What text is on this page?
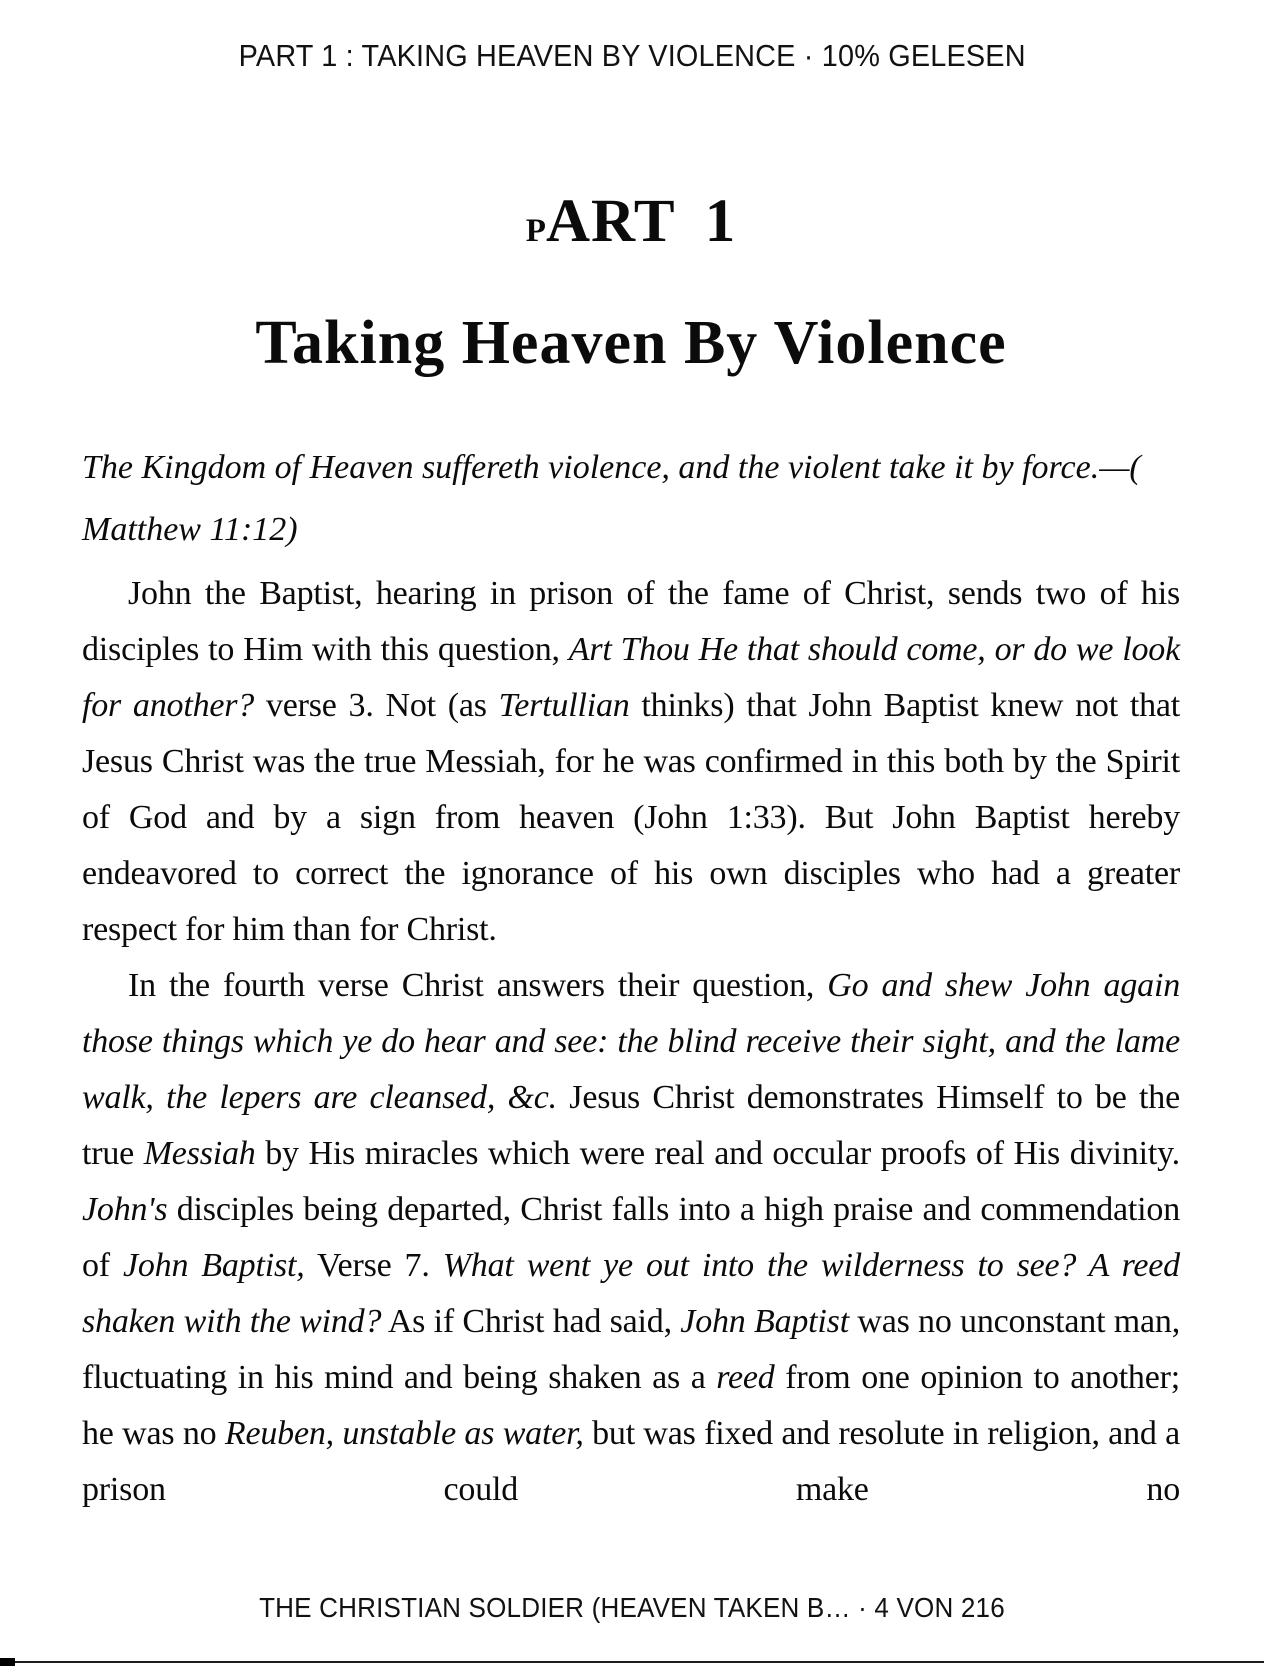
PART 1 : TAKING HEAVEN BY VIOLENCE · 10% GELESEN
PART 1
Taking Heaven By Violence
The Kingdom of Heaven suffereth violence, and the violent take it by force.—(
Matthew 11:12)

John the Baptist, hearing in prison of the fame of Christ, sends two of his disciples to Him with this question, Art Thou He that should come, or do we look for another? verse 3. Not (as Tertullian thinks) that John Baptist knew not that Jesus Christ was the true Messiah, for he was confirmed in this both by the Spirit of God and by a sign from heaven (John 1:33). But John Baptist hereby endeavored to correct the ignorance of his own disciples who had a greater respect for him than for Christ.

In the fourth verse Christ answers their question, Go and shew John again those things which ye do hear and see: the blind receive their sight, and the lame walk, the lepers are cleansed, &c. Jesus Christ demonstrates Himself to be the true Messiah by His miracles which were real and occular proofs of His divinity. John's disciples being departed, Christ falls into a high praise and commendation of John Baptist, Verse 7. What went ye out into the wilderness to see? A reed shaken with the wind? As if Christ had said, John Baptist was no unconstant man, fluctuating in his mind and being shaken as a reed from one opinion to another; he was no Reuben, unstable as water, but was fixed and resolute in religion, and a prison could make no

THE CHRISTIAN SOLDIER (HEAVEN TAKEN B… · 4 VON 216
